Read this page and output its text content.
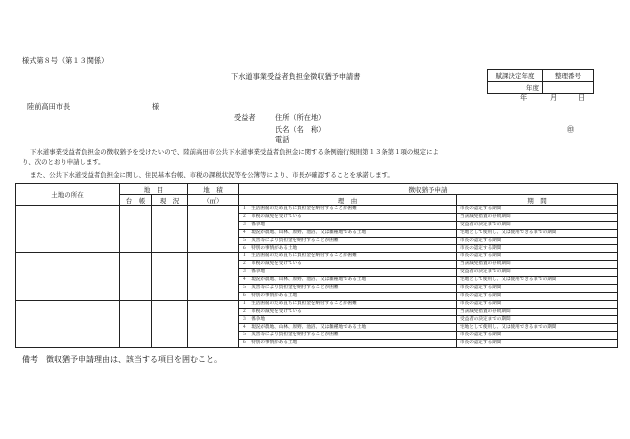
様式第８号（第１３関係）
下水道事業受益者負担金徴収猶予申請書	賦課決定年度	整理番号
年度	
年	月	日
陸前高田市長	様
受益者	住所（所在地）
氏名（名　称）	㊞
電話
下水道事業受益者負担金の徴収猶予を受けたいので、陸前高田市公共下水道事業受益者負担金に関する条例施行規則第１３条第１項の規定によ
り、次のとおり申請します。
また、公共下水道受益者負担金に関し、住民基本台帳、市税の課税状況等を公簿等により、市長が確認することを承諾します。
土地の所在	地　目		地　積	徴収猶予申請	
	台　帳	現　況	（㎡）	理　由	期　間
				１　生活困窮のため直ちに負担金を納付することが困難	市長の認定する期間
				２　市税の減免を受けている	当該減免措置の存続期間
				３　係争地	受益者の決定までの期間
				４　現況が農地、山林、原野、池沼、又は雑種地である土地	宅地として使用し、又は使用できるまでの期間
				５　災害等により負担金を納付することが困難	市長の認定する期間
				６　特別の事情がある土地	市長の認定する期間
				１　生活困窮のため直ちに負担金を納付することが困難	市長の認定する期間
				２　市税の減免を受けている	当該減免措置の存続期間
				３　係争地	受益者の決定までの期間
				４　現況が農地、山林、原野、池沼、又は雑種地である土地	宅地として使用し、又は使用できるまでの期間
				５　災害等により負担金を納付することが困難	市長の認定する期間
				６　特別の事情がある土地	市長の認定する期間
				１　生活困窮のため直ちに負担金を納付することが困難	市長の認定する期間
				２　市税の減免を受けている	当該減免措置の存続期間
				３　係争地	受益者の決定までの期間
				４　現況が農地、山林、原野、池沼、又は雑種地である土地	宅地として使用し、又は使用できるまでの期間
				５　災害等により負担金を納付することが困難	市長の認定する期間
				６　特別の事情がある土地	市長の認定する期間
備考　徴収猶予申請理由は、該当する項目を囲むこと。
